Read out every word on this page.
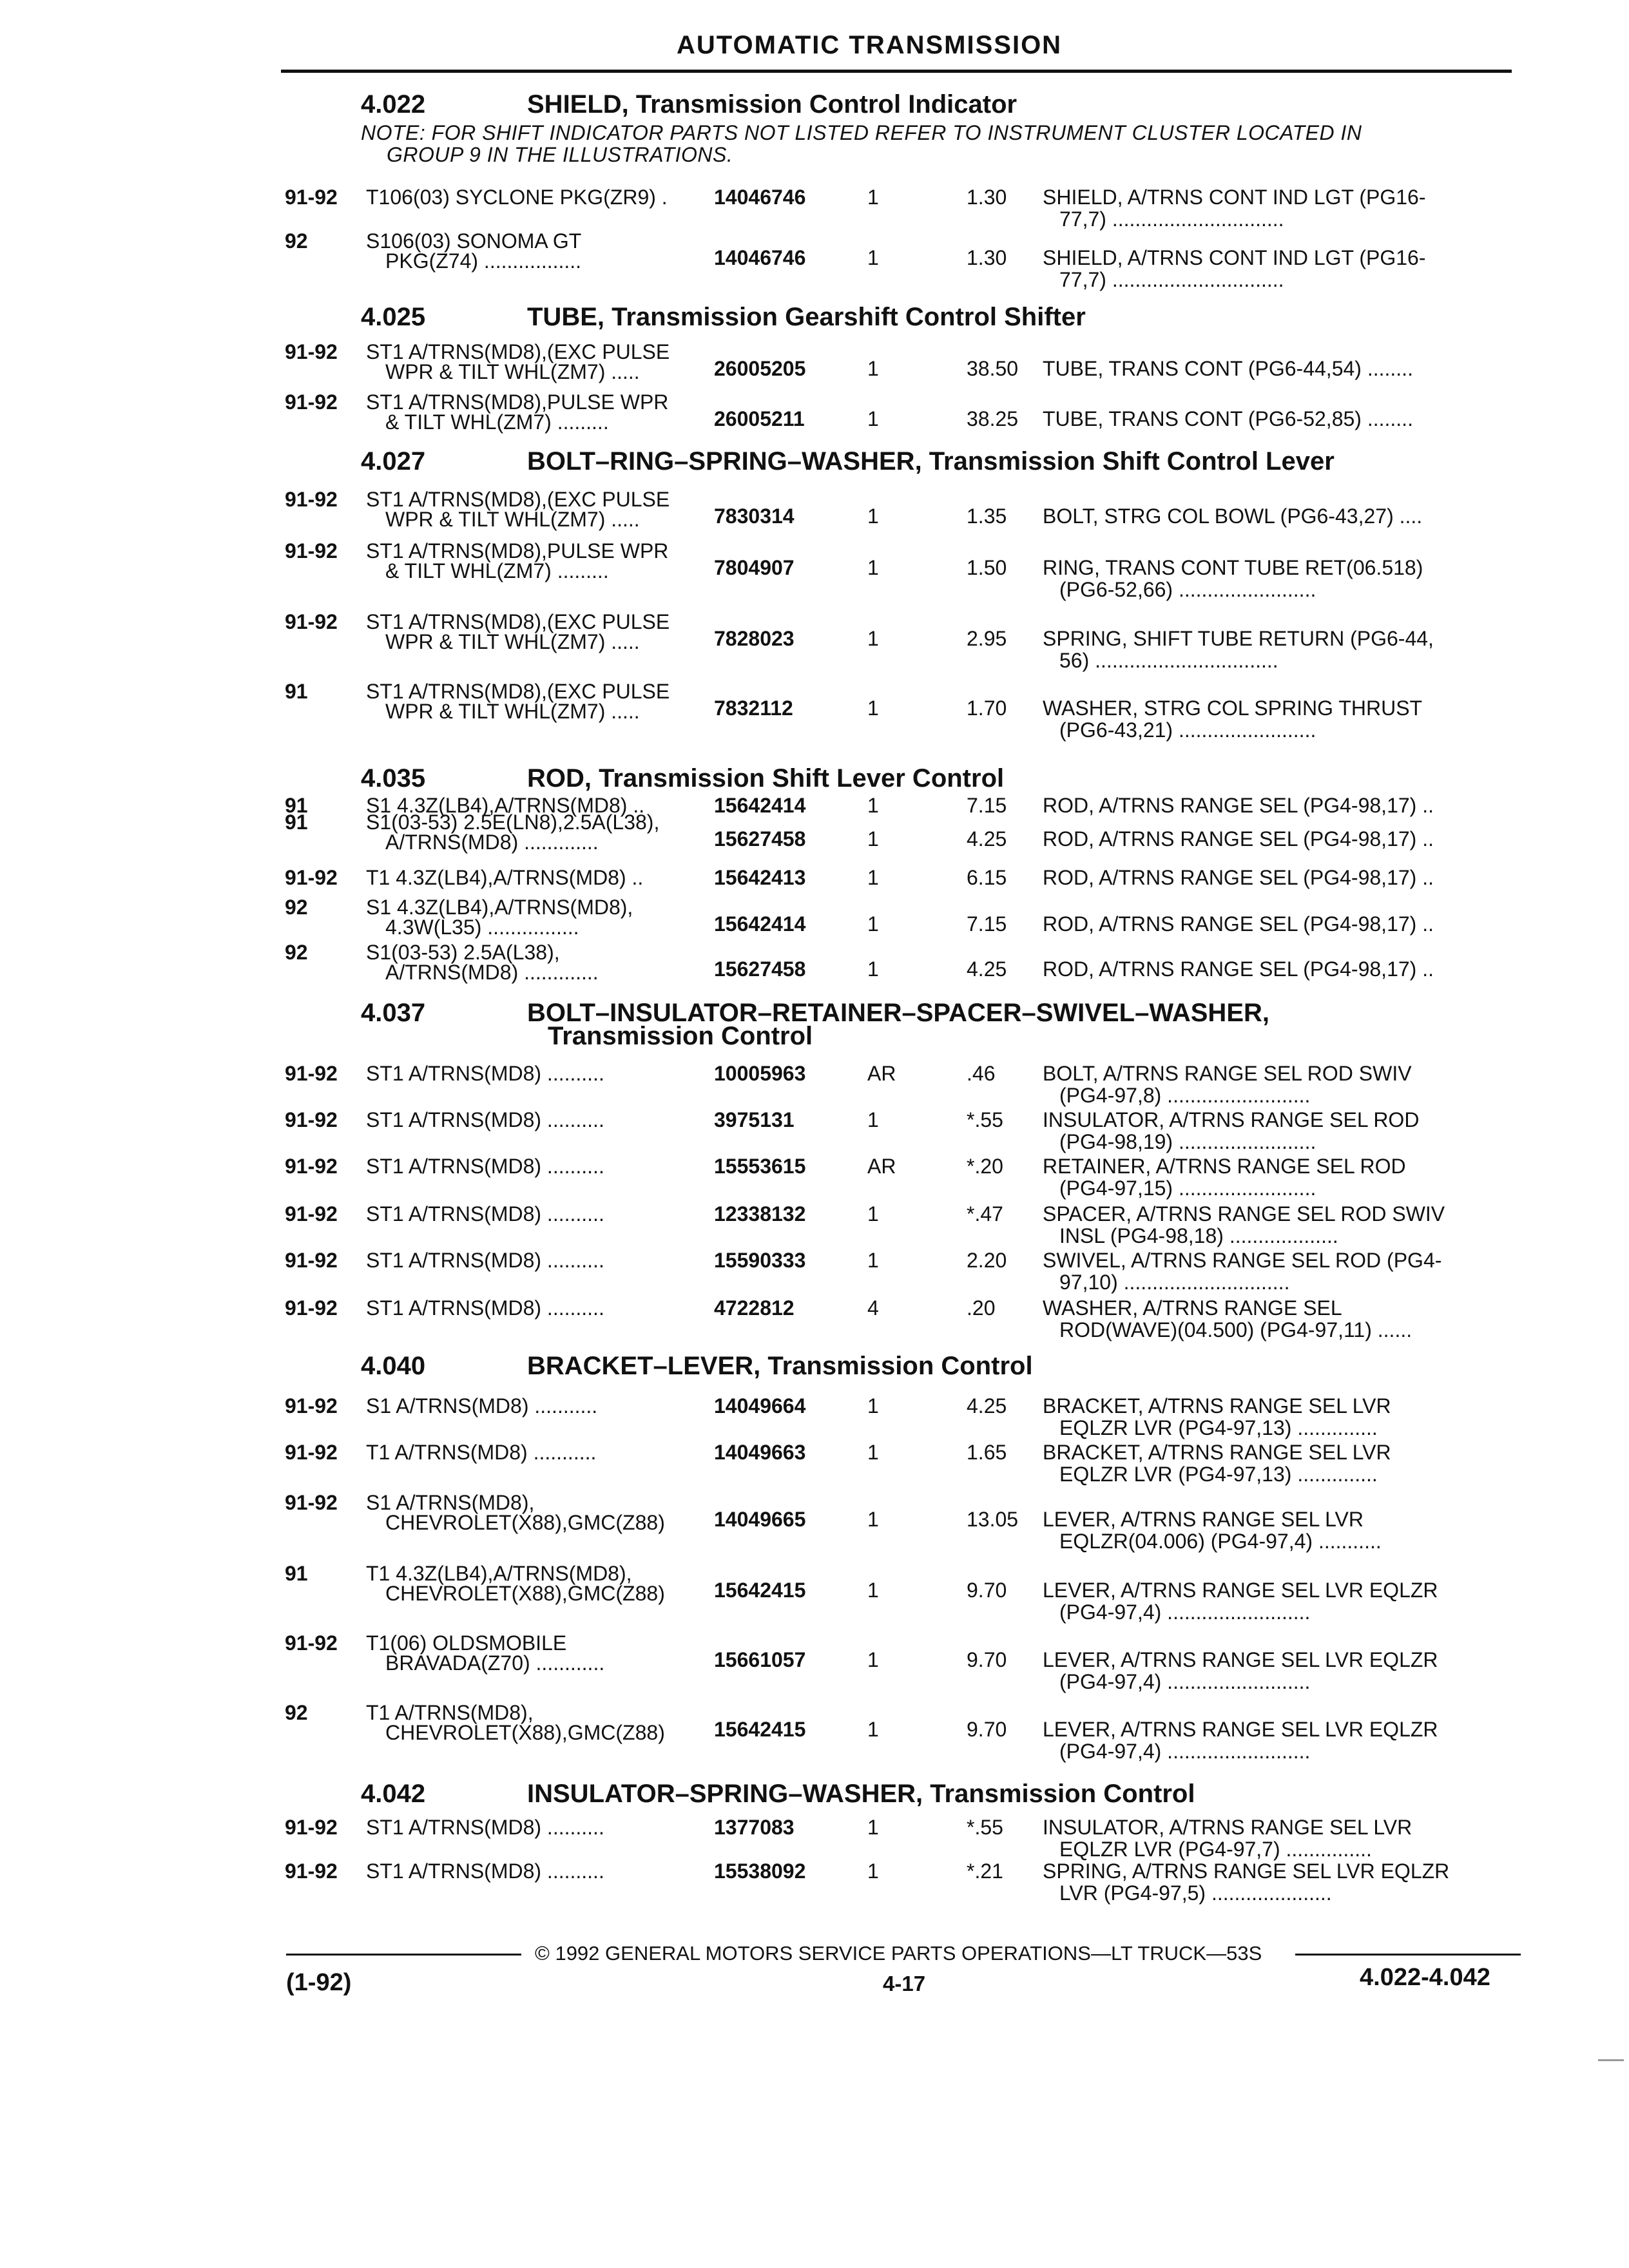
AUTOMATIC TRANSMISSION
4.022	SHIELD, Transmission Control Indicator
NOTE: FOR SHIFT INDICATOR PARTS NOT LISTED REFER TO INSTRUMENT CLUSTER LOCATED IN
GROUP 9 IN THE ILLUSTRATIONS.
91-92 T106(03) SYCLONE PKG(ZR9) . 14046746	1	1.30 SHIELD, A/TRNS CONT IND LGT (PG16-
77,7) ..............................
92	S106(03) SONOMA GT
PKG(Z74) .................	14046746	1	1.30 SHIELD, A/TRNS CONT IND LGT (PG16-
77,7) ..............................
4.025	TUBE, Transmission Gearshift Control Shifter
91-92 ST1 A/TRNS(MD8),(EXC PULSE
WPR & TILT WHL(ZM7) .....	26005205	1	38.50 TUBE, TRANS CONT (PG6-44,54) ........
91-92 ST1 A/TRNS(MD8),PULSE WPR
& TILT WHL(ZM7) .........	26005211	1	38.25 TUBE, TRANS CONT (PG6-52,85) ........
4.027	BOLT–RING–SPRING–WASHER, Transmission Shift Control Lever
91-92 ST1 A/TRNS(MD8),(EXC PULSE
WPR & TILT WHL(ZM7) .....	7830314	1	1.35 BOLT, STRG COL BOWL (PG6-43,27) ....
91-92 ST1 A/TRNS(MD8),PULSE WPR
& TILT WHL(ZM7) .........	7804907	1	1.50 RING, TRANS CONT TUBE RET(06.518)
(PG6-52,66) ........................
91-92 ST1 A/TRNS(MD8),(EXC PULSE
WPR & TILT WHL(ZM7) .....	7828023	1	2.95 SPRING, SHIFT TUBE RETURN (PG6-44,
56) ................................
91	ST1 A/TRNS(MD8),(EXC PULSE
WPR & TILT WHL(ZM7) .....	7832112	1	1.70 WASHER, STRG COL SPRING THRUST
(PG6-43,21) ........................
4.035	ROD, Transmission Shift Lever Control
91	S1 4.3Z(LB4),A/TRNS(MD8) ..	15642414	1	7.15 ROD, A/TRNS RANGE SEL (PG4-98,17) ..
91	S1(03-53) 2.5E(LN8),2.5A(L38),
A/TRNS(MD8) .............	15627458	1	4.25 ROD, A/TRNS RANGE SEL (PG4-98,17) ..
91-92 T1 4.3Z(LB4),A/TRNS(MD8) ..	15642413	1	6.15 ROD, A/TRNS RANGE SEL (PG4-98,17) ..
92	S1 4.3Z(LB4),A/TRNS(MD8),
4.3W(L35) ................	15642414	1	7.15 ROD, A/TRNS RANGE SEL (PG4-98,17) ..
92	S1(03-53) 2.5A(L38),
A/TRNS(MD8) .............	15627458	1	4.25 ROD, A/TRNS RANGE SEL (PG4-98,17) ..
4.037	BOLT–INSULATOR–RETAINER–SPACER–SWIVEL–WASHER,
Transmission Control
91-92 ST1 A/TRNS(MD8) ..........	10005963	AR	.46 BOLT, A/TRNS RANGE SEL ROD SWIV
(PG4-97,8) .........................
91-92 ST1 A/TRNS(MD8) ..........	3975131	1	*.55 INSULATOR, A/TRNS RANGE SEL ROD
(PG4-98,19) ........................
91-92 ST1 A/TRNS(MD8) ..........	15553615	AR	*.20 RETAINER, A/TRNS RANGE SEL ROD
(PG4-97,15) ........................
91-92 ST1 A/TRNS(MD8) ..........	12338132	1	*.47 SPACER, A/TRNS RANGE SEL ROD SWIV
INSL (PG4-98,18) ...................
91-92 ST1 A/TRNS(MD8) ..........	15590333	1	2.20 SWIVEL, A/TRNS RANGE SEL ROD (PG4-
97,10) .............................
91-92 ST1 A/TRNS(MD8) ..........	4722812	4	.20 WASHER, A/TRNS RANGE SEL
ROD(WAVE)(04.500) (PG4-97,11) ......
4.040	BRACKET–LEVER, Transmission Control
91-92 S1 A/TRNS(MD8) ...........	14049664	1	4.25 BRACKET, A/TRNS RANGE SEL LVR
EQLZR LVR (PG4-97,13) ..............
91-92 T1 A/TRNS(MD8) ...........	14049663	1	1.65 BRACKET, A/TRNS RANGE SEL LVR
EQLZR LVR (PG4-97,13) ..............
91-92 S1 A/TRNS(MD8),
CHEVROLET(X88),GMC(Z88) 14049665	1	13.05 LEVER, A/TRNS RANGE SEL LVR
EQLZR(04.006) (PG4-97,4) ...........
91	T1 4.3Z(LB4),A/TRNS(MD8),
CHEVROLET(X88),GMC(Z88) 15642415	1	9.70 LEVER, A/TRNS RANGE SEL LVR EQLZR
(PG4-97,4) .........................
91-92 T1(06) OLDSMOBILE
BRAVADA(Z70) ............	15661057	1	9.70 LEVER, A/TRNS RANGE SEL LVR EQLZR
(PG4-97,4) .........................
92	T1 A/TRNS(MD8),
CHEVROLET(X88),GMC(Z88) 15642415	1	9.70 LEVER, A/TRNS RANGE SEL LVR EQLZR
(PG4-97,4) .........................
4.042	INSULATOR–SPRING–WASHER, Transmission Control
91-92 ST1 A/TRNS(MD8) ..........	1377083	1	*.55 INSULATOR, A/TRNS RANGE SEL LVR
EQLZR LVR (PG4-97,7) ...............
91-92 ST1 A/TRNS(MD8) ..........	15538092	1	*.21 SPRING, A/TRNS RANGE SEL LVR EQLZR
LVR (PG4-97,5) .....................
© 1992 GENERAL MOTORS SERVICE PARTS OPERATIONS—LT TRUCK—53S
(1-92)	4-17	4.022-4.042
